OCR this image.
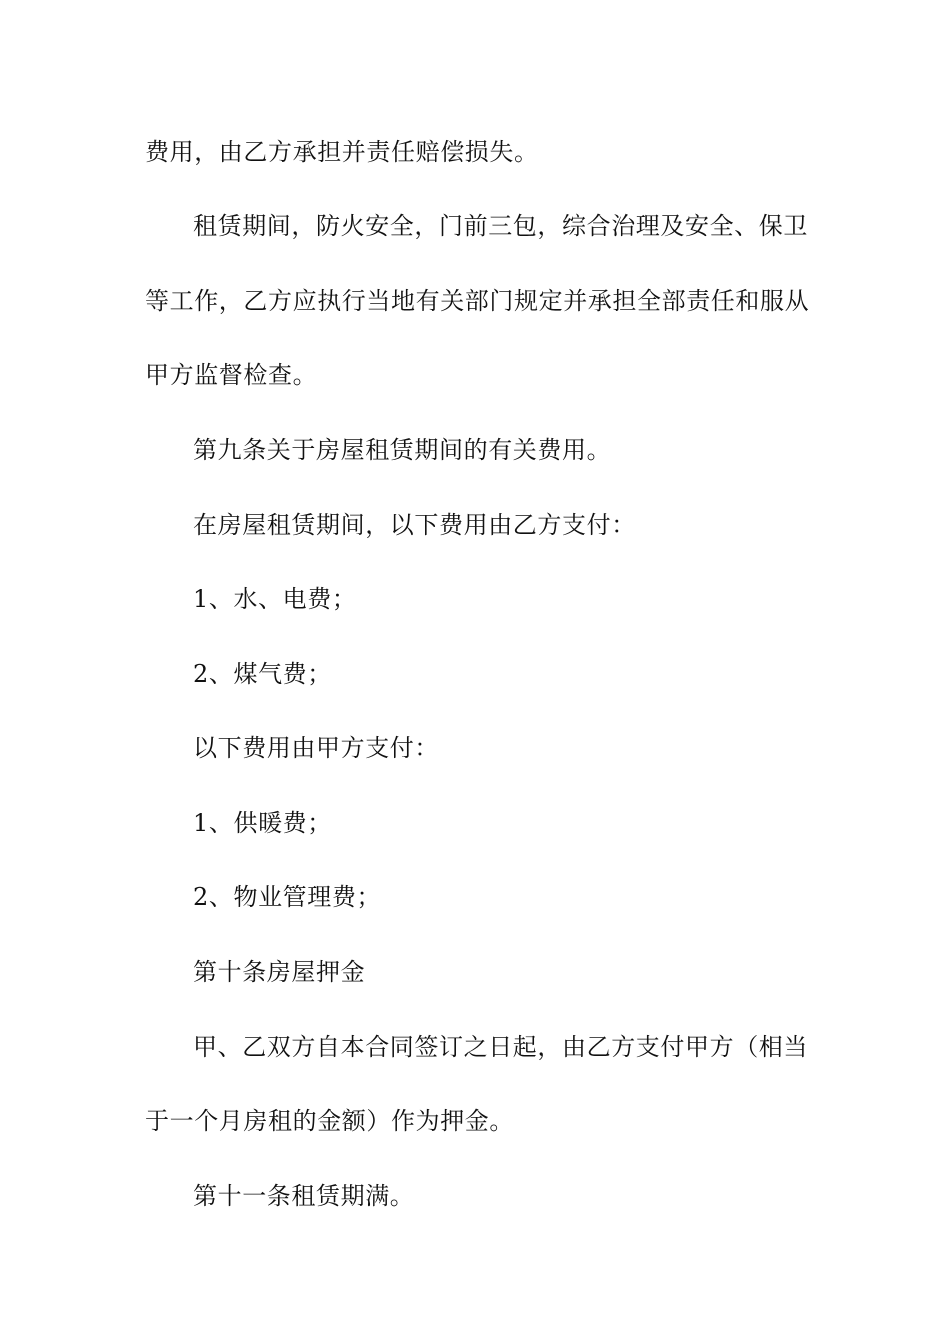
费用，由乙方承担并责任赔偿损失。
租赁期间，防火安全，门前三包，综合治理及安全、保卫
等工作，乙方应执行当地有关部门规定并承担全部责任和服从
甲方监督检查。
第九条关于房屋租赁期间的有关费用。
在房屋租赁期间，以下费用由乙方支付：
1、水、电费；
2、煤气费；
以下费用由甲方支付：
1、供暖费；
2、物业管理费；
第十条房屋押金
甲、乙双方自本合同签订之日起，由乙方支付甲方（相当
于一个月房租的金额）作为押金。
第十一条租赁期满。
